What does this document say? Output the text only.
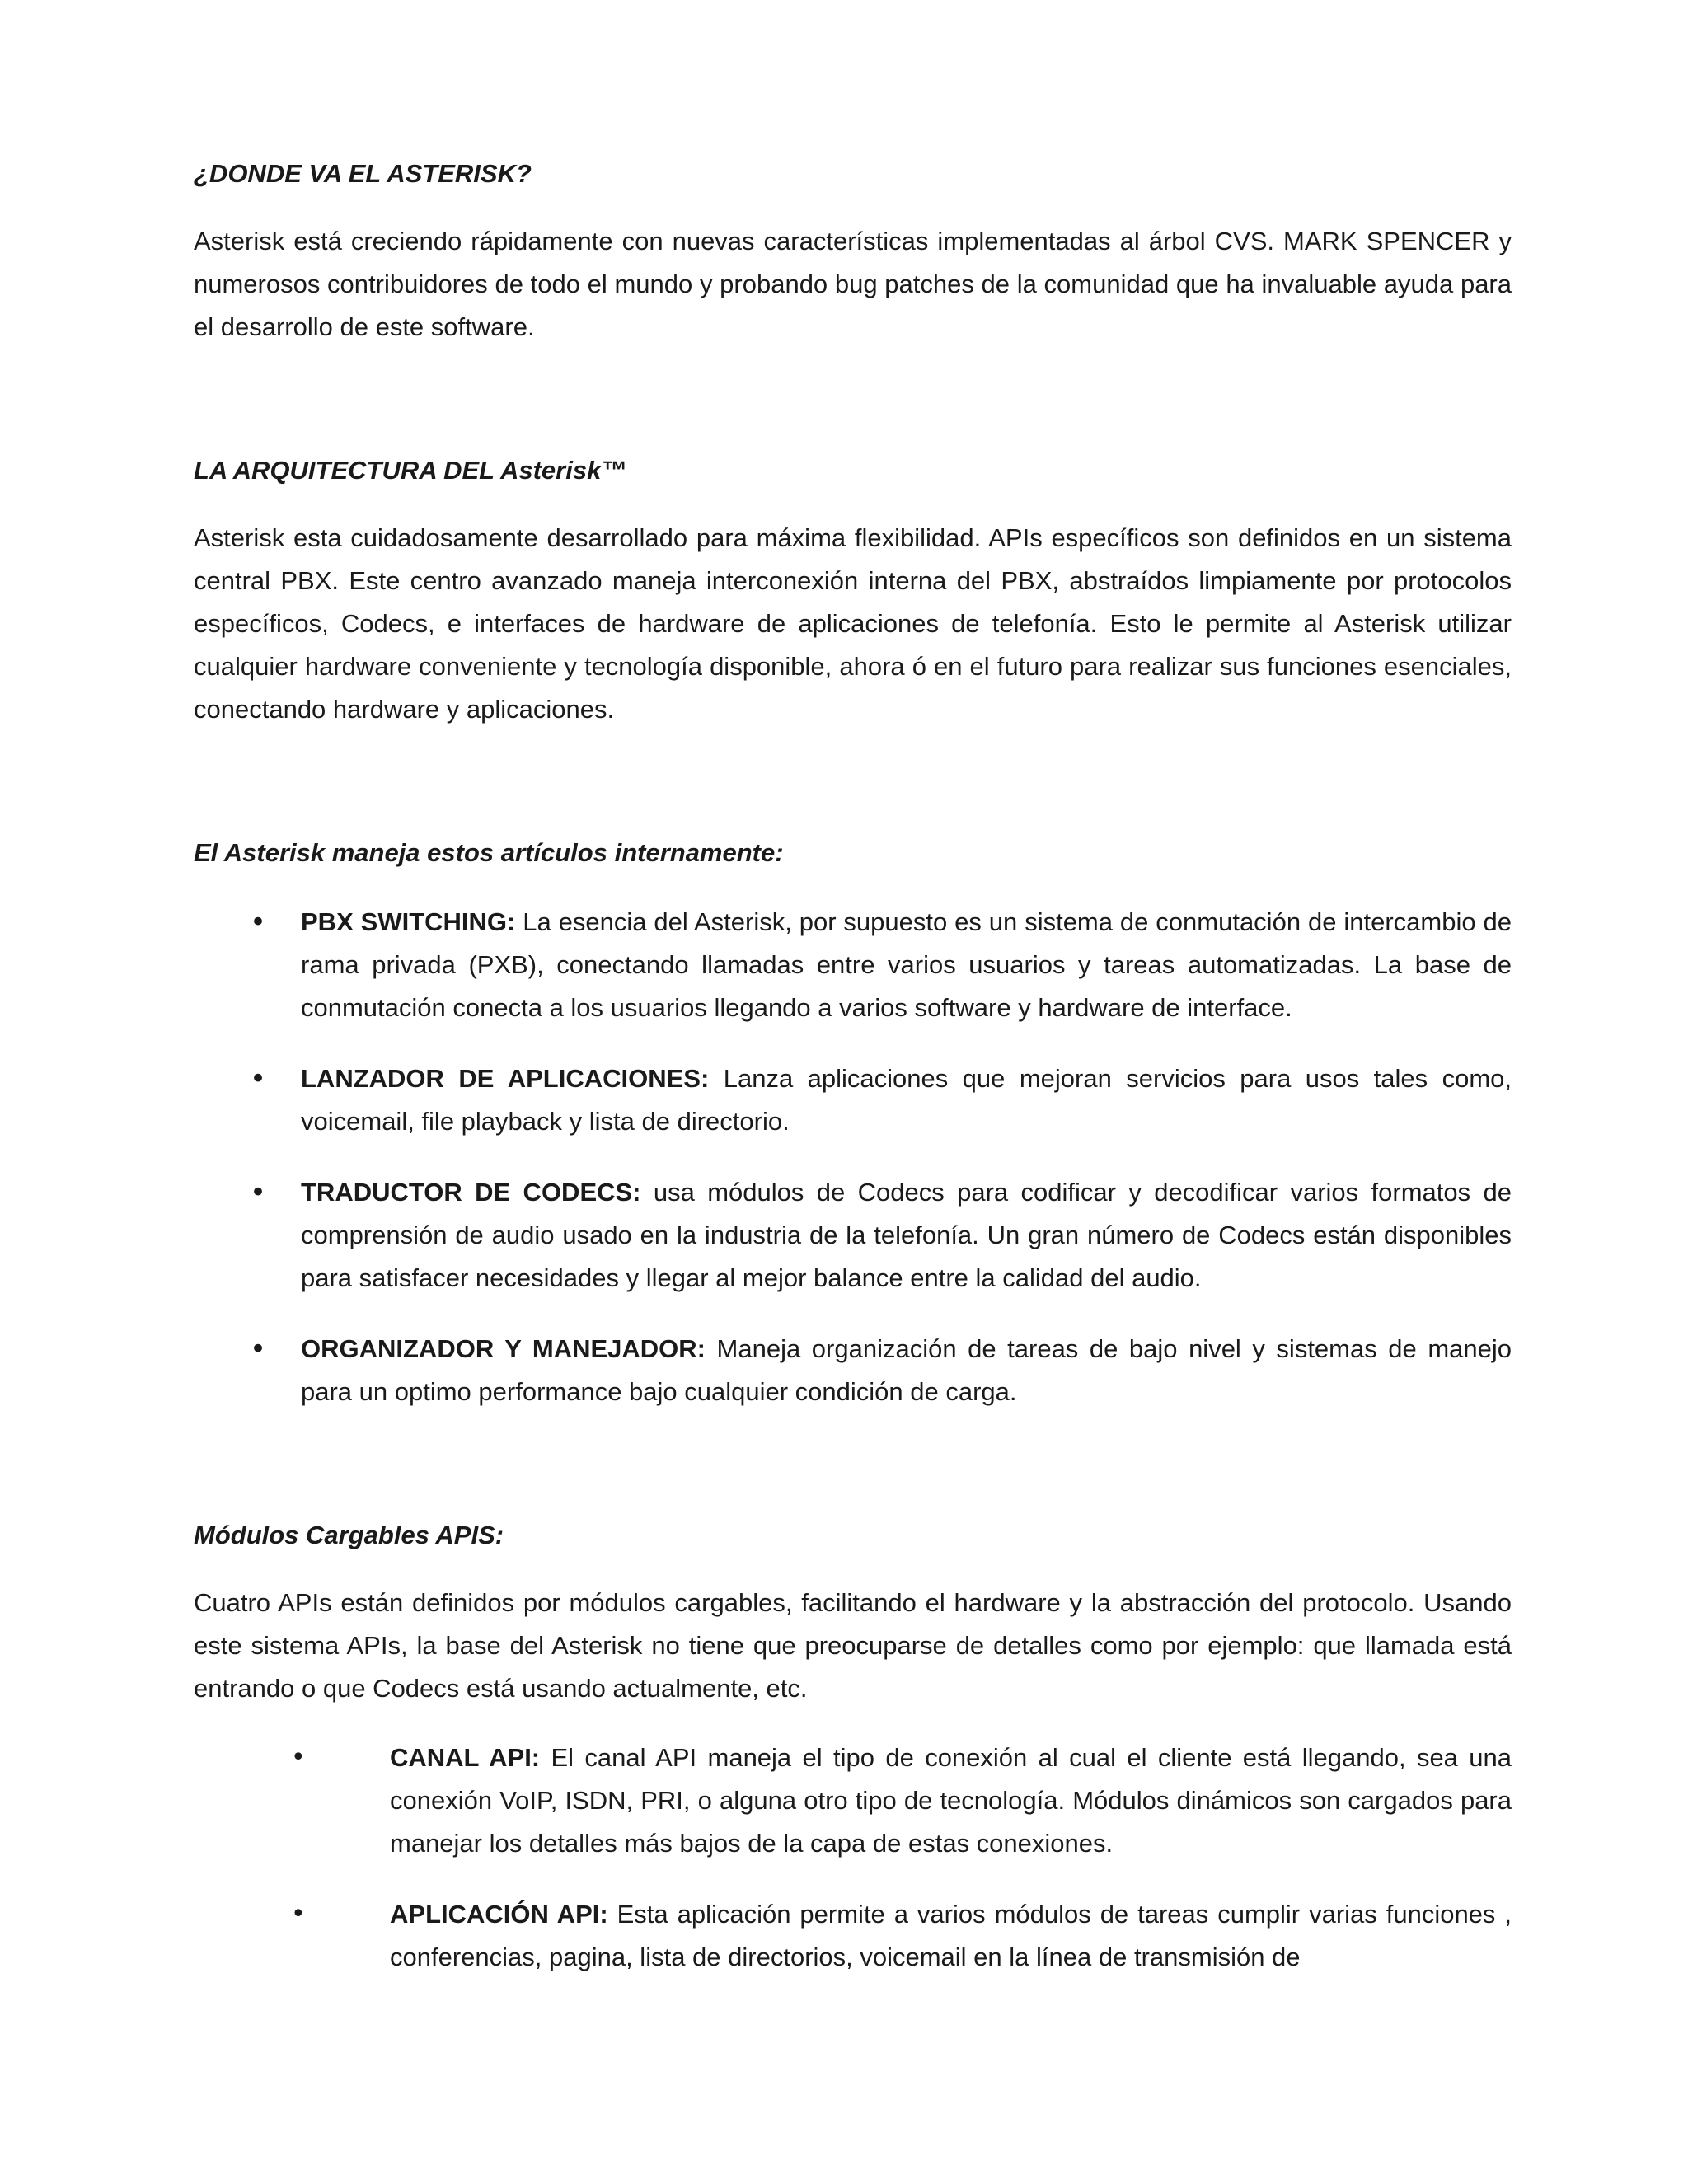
¿DONDE VA EL ASTERISK?

Asterisk está creciendo rápidamente con nuevas características implementadas al árbol CVS. MARK SPENCER y numerosos contribuidores de todo el mundo y probando bug patches de la comunidad que ha invaluable ayuda para el desarrollo de este software.

LA ARQUITECTURA DEL Asterisk™

Asterisk esta cuidadosamente desarrollado para máxima flexibilidad. APIs específicos son definidos en un sistema central PBX. Este centro avanzado maneja interconexión interna del PBX, abstraídos limpiamente por protocolos específicos, Codecs, e interfaces de hardware de aplicaciones de telefonía. Esto le permite al Asterisk utilizar cualquier hardware conveniente y tecnología disponible, ahora ó en el futuro para realizar sus funciones esenciales, conectando hardware y aplicaciones.

El Asterisk maneja estos artículos internamente:

• PBX SWITCHING: La esencia del Asterisk, por supuesto es un sistema de conmutación de intercambio de rama privada (PXB), conectando llamadas entre varios usuarios y tareas automatizadas. La base de conmutación conecta a los usuarios llegando a varios software y hardware de interface.
• LANZADOR DE APLICACIONES: Lanza aplicaciones que mejoran servicios para usos tales como, voicemail, file playback y lista de directorio.
• TRADUCTOR DE CODECS: usa módulos de Codecs para codificar y decodificar varios formatos de comprensión de audio usado en la industria de la telefonía. Un gran número de Codecs están disponibles para satisfacer necesidades y llegar al mejor balance entre la calidad del audio.
• ORGANIZADOR Y MANEJADOR: Maneja organización de tareas de bajo nivel y sistemas de manejo para un optimo performance bajo cualquier condición de carga.

Módulos Cargables APIS:

Cuatro APIs están definidos por módulos cargables, facilitando el hardware y la abstracción del protocolo. Usando este sistema APIs, la base del Asterisk no tiene que preocuparse de detalles como por ejemplo: que llamada está entrando o que Codecs está usando actualmente, etc.

•	CANAL API: El canal API maneja el tipo de conexión al cual el cliente está llegando, sea una conexión VoIP, ISDN, PRI, o alguna otro tipo de tecnología. Módulos dinámicos son cargados para manejar los detalles más bajos de la capa de estas conexiones.
•	APLICACIÓN API: Esta aplicación permite a varios módulos de tareas cumplir varias funciones , conferencias, pagina, lista de directorios, voicemail en la línea de transmisión de
